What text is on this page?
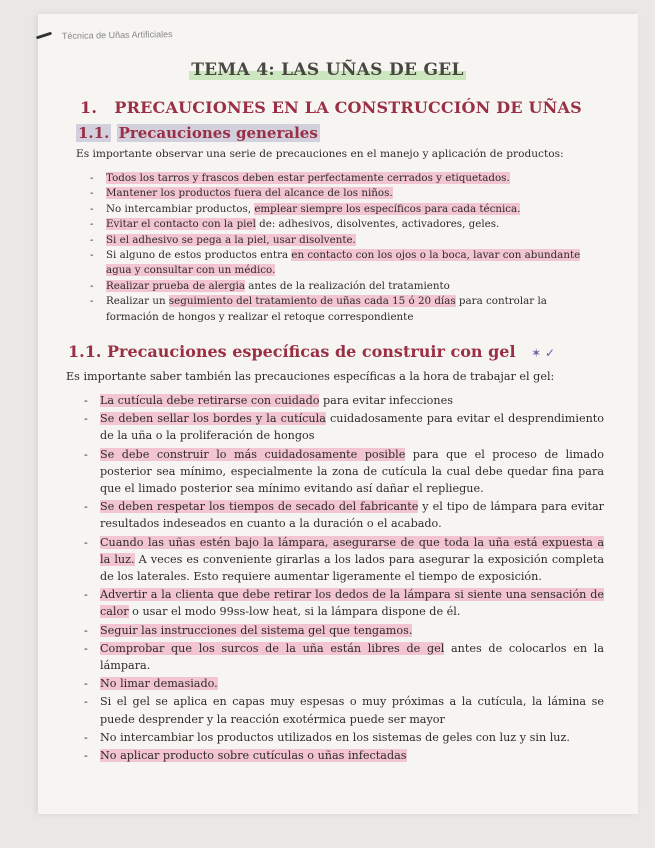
Técnica de Uñas Artificiales
TEMA 4: LAS UÑAS DE GEL
1. PRECAUCIONES EN LA CONSTRUCCIÓN DE UÑAS
1.1. Precauciones generales
Es importante observar una serie de precauciones en el manejo y aplicación de productos:
- Todos los tarros y frascos deben estar perfectamente cerrados y etiquetados.
- Mantener los productos fuera del alcance de los niños.
- No intercambiar productos, emplear siempre los específicos para cada técnica.
- Evitar el contacto con la piel de: adhesivos, disolventes, activadores, geles.
- Si el adhesivo se pega a la piel, usar disolvente.
- Si alguno de estos productos entra en contacto con los ojos o la boca, lavar con abundante agua y consultar con un médico.
- Realizar prueba de alergia antes de la realización del tratamiento
- Realizar un seguimiento del tratamiento de uñas cada 15 ó 20 días para controlar la formación de hongos y realizar el retoque correspondiente
1.1. Precauciones específicas de construir con gel ✶ ✓
Es importante saber también las precauciones específicas a la hora de trabajar el gel:
- La cutícula debe retirarse con cuidado para evitar infecciones
- Se deben sellar los bordes y la cutícula cuidadosamente para evitar el desprendimiento de la uña o la proliferación de hongos
- Se debe construir lo más cuidadosamente posible para que el proceso de limado posterior sea mínimo, especialmente la zona de cutícula la cual debe quedar fina para que el limado posterior sea mínimo evitando así dañar el repliegue.
- Se deben respetar los tiempos de secado del fabricante y el tipo de lámpara para evitar resultados indeseados en cuanto a la duración o el acabado.
- Cuando las uñas estén bajo la lámpara, asegurarse de que toda la uña está expuesta a la luz. A veces es conveniente girarlas a los lados para asegurar la exposición completa de los laterales. Esto requiere aumentar ligeramente el tiempo de exposición.
- Advertir a la clienta que debe retirar los dedos de la lámpara si siente una sensación de calor o usar el modo 99ss-low heat, si la lámpara dispone de él.
- Seguir las instrucciones del sistema gel que tengamos.
- Comprobar que los surcos de la uña están libres de gel antes de colocarlos en la lámpara.
- No limar demasiado.
- Si el gel se aplica en capas muy espesas o muy próximas a la cutícula, la lámina se puede desprender y la reacción exotérmica puede ser mayor
- No intercambiar los productos utilizados en los sistemas de geles con luz y sin luz.
- No aplicar producto sobre cutículas o uñas infectadas
